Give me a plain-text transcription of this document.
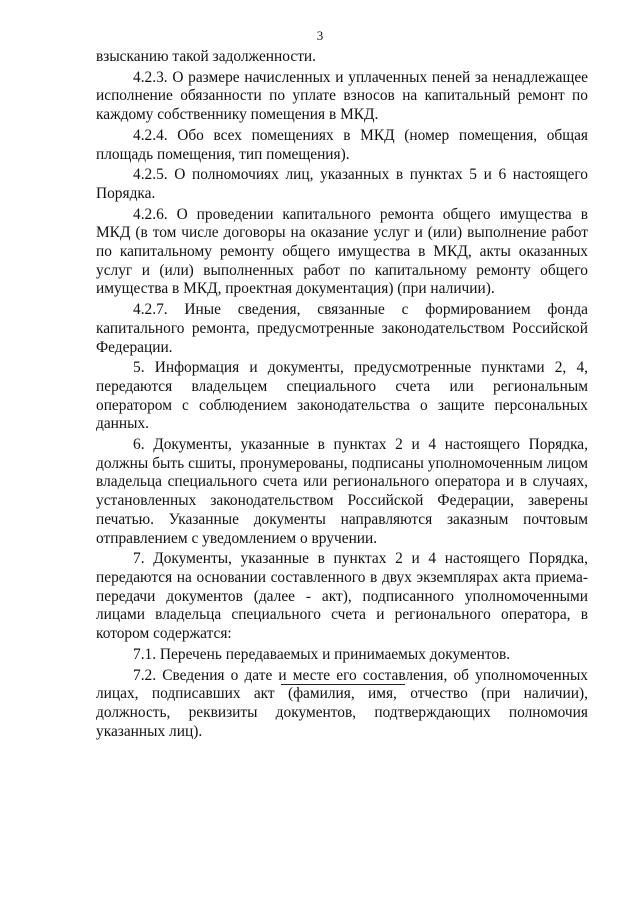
3

взысканию такой задолженности.

4.2.3. О размере начисленных и уплаченных пеней за ненадлежащее исполнение обязанности по уплате взносов на капитальный ремонт по каждому собственнику помещения в МКД.

4.2.4. Обо всех помещениях в МКД (номер помещения, общая площадь помещения, тип помещения).

4.2.5. О полномочиях лиц, указанных в пунктах 5 и 6 настоящего Порядка.

4.2.6. О проведении капитального ремонта общего имущества в МКД (в том числе договоры на оказание услуг и (или) выполнение работ по капитальному ремонту общего имущества в МКД, акты оказанных услуг и (или) выполненных работ по капитальному ремонту общего имущества в МКД, проектная документация) (при наличии).

4.2.7. Иные сведения, связанные с формированием фонда капитального ремонта, предусмотренные законодательством Российской Федерации.

5. Информация и документы, предусмотренные пунктами 2, 4, передаются владельцем специального счета или региональным оператором с соблюдением законодательства о защите персональных данных.

6. Документы, указанные в пунктах 2 и 4 настоящего Порядка, должны быть сшиты, пронумерованы, подписаны уполномоченным лицом владельца специального счета или регионального оператора и в случаях, установленных законодательством Российской Федерации, заверены печатью. Указанные документы направляются заказным почтовым отправлением с уведомлением о вручении.

7. Документы, указанные в пунктах 2 и 4 настоящего Порядка, передаются на основании составленного в двух экземплярах акта приема-передачи документов (далее - акт), подписанного уполномоченными лицами владельца специального счета и регионального оператора, в котором содержатся:

7.1. Перечень передаваемых и принимаемых документов.

7.2. Сведения о дате и месте его составления, об уполномоченных лицах, подписавших акт (фамилия, имя, отчество (при наличии), должность, реквизиты документов, подтверждающих полномочия указанных лиц).
